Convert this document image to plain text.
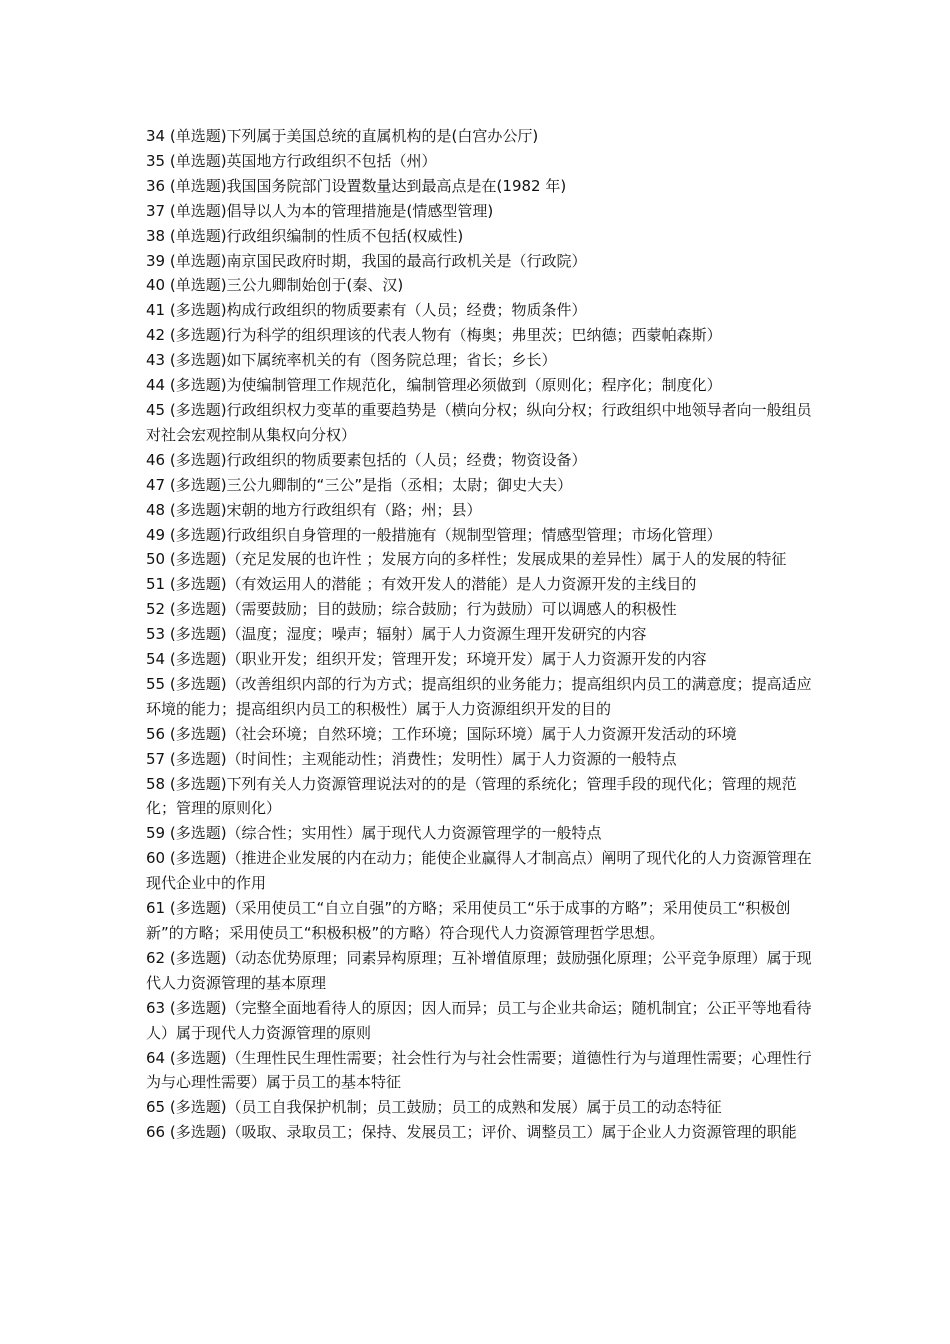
34 (单选题)下列属于美国总统的直属机构的是(白宫办公厅)

35 (单选题)英国地方行政组织不包括（州）

36 (单选题)我国国务院部门设置数量达到最高点是在(1982 年)

37 (单选题)倡导以人为本的管理措施是(情感型管理)

38 (单选题)行政组织编制的性质不包括(权威性)

39 (单选题)南京国民政府时期，我国的最高行政机关是（行政院）

40 (单选题)三公九卿制始创于(秦、汉)

41 (多选题)构成行政组织的物质要素有（人员；经费；物质条件）

42 (多选题)行为科学的组织理该的代表人物有（梅奥；弗里茨；巴纳德；西蒙帕森斯）

43 (多选题)如下属统率机关的有（图务院总理；省长；乡长）

44 (多选题)为使编制管理工作规范化，编制管理必须做到（原则化；程序化；制度化）

45 (多选题)行政组织权力变革的重要趋势是（横向分权；纵向分权；行政组织中地领导者向一般组员对社会宏观控制从集权向分权）

46 (多选题)行政组织的物质要素包括的（人员；经费；物资设备）

47 (多选题)三公九卿制的“三公”是指（丞相；太尉；御史大夫）

48 (多选题)宋朝的地方行政组织有（路；州；县）

49 (多选题)行政组织自身管理的一般措施有（规制型管理；情感型管理；市场化管理）

50 (多选题)（充足发展的也许性 ；发展方向的多样性；发展成果的差异性）属于人的发展的特征

51 (多选题)（有效运用人的潜能 ；有效开发人的潜能）是人力资源开发的主线目的

52 (多选题)（需要鼓励；目的鼓励；综合鼓励；行为鼓励）可以调感人的积极性

53 (多选题)（温度；湿度；噪声；辐射）属于人力资源生理开发研究的内容

54 (多选题)（职业开发；组织开发；管理开发；环境开发）属于人力资源开发的内容

55 (多选题)（改善组织内部的行为方式；提高组织的业务能力；提高组织内员工的满意度；提高适应环境的能力；提高组织内员工的积极性）属于人力资源组织开发的目的

56 (多选题)（社会环境；自然环境；工作环境；国际环境）属于人力资源开发活动的环境

57 (多选题)（时间性；主观能动性；消费性；发明性）属于人力资源的一般特点

58 (多选题)下列有关人力资源管理说法对的的是（管理的系统化；管理手段的现代化；管理的规范化；管理的原则化）

59 (多选题)（综合性；实用性）属于现代人力资源管理学的一般特点

60 (多选题)（推进企业发展的内在动力；能使企业赢得人才制高点）阐明了现代化的人力资源管理在现代企业中的作用

61 (多选题)（采用使员工“自立自强”的方略；采用使员工“乐于成事的方略”；采用使员工“积极创新”的方略；采用使员工“积极积极”的方略）符合现代人力资源管理哲学思想。

62 (多选题)（动态优势原理；同素异构原理；互补增值原理；鼓励强化原理；公平竞争原理）属于现代人力资源管理的基本原理

63 (多选题)（完整全面地看待人的原因；因人而异；员工与企业共命运；随机制宜；公正平等地看待人）属于现代人力资源管理的原则

64 (多选题)（生理性民生理性需要；社会性行为与社会性需要；道德性行为与道理性需要；心理性行为与心理性需要）属于员工的基本特征

65 (多选题)（员工自我保护机制；员工鼓励；员工的成熟和发展）属于员工的动态特征

66 (多选题)（吸取、录取员工；保持、发展员工；评价、调整员工）属于企业人力资源管理的职能
